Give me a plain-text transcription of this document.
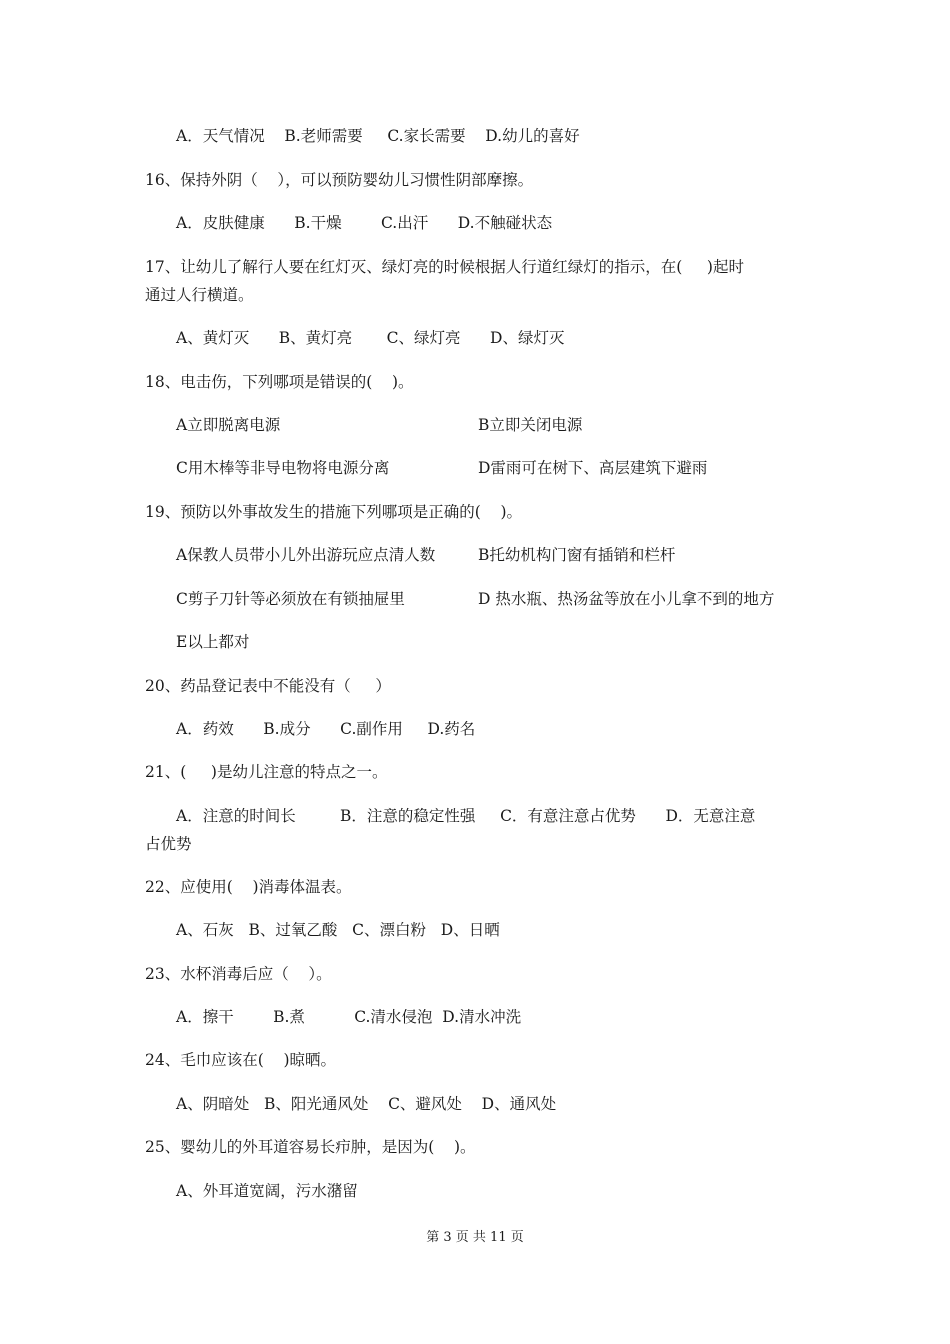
A．天气情况    B.老师需要     C.家长需要    D.幼儿的喜好
16、保持外阴（    ），可以预防婴幼儿习惯性阴部摩擦。
A．皮肤健康      B.干燥        C.出汗      D.不触碰状态
17、让幼儿了解行人要在红灯灭、绿灯亮的时候根据人行道红绿灯的指示，在(     )起时
通过人行横道。
A、黄灯灭      B、黄灯亮       C、绿灯亮      D、绿灯灭
18、电击伤，下列哪项是错误的(    )。
A立即脱离电源	B立即关闭电源
C用木棒等非导电物将电源分离	D雷雨可在树下、高层建筑下避雨
19、预防以外事故发生的措施下列哪项是正确的(    )。
A保教人员带小儿外出游玩应点清人数	B托幼机构门窗有插销和栏杆
C剪子刀针等必须放在有锁抽屉里	D 热水瓶、热汤盆等放在小儿拿不到的地方
E以上都对
20、药品登记表中不能没有（     ）
A．药效      B.成分      C.副作用     D.药名
21、(     )是幼儿注意的特点之一。
A．注意的时间长         B．注意的稳定性强     C．有意注意占优势      D．无意注意
占优势
22、应使用(    )消毒体温表。
A、石灰   B、过氧乙酸   C、漂白粉   D、日晒
23、水杯消毒后应（    ）。
A．擦干        B.煮          C.清水侵泡  D.清水冲洗
24、毛巾应该在(    )晾晒。
A、阴暗处   B、阳光通风处    C、避风处    D、通风处
25、婴幼儿的外耳道容易长疖肿，是因为(    )。
A、外耳道宽阔，污水潴留
第 3 页 共 11 页
